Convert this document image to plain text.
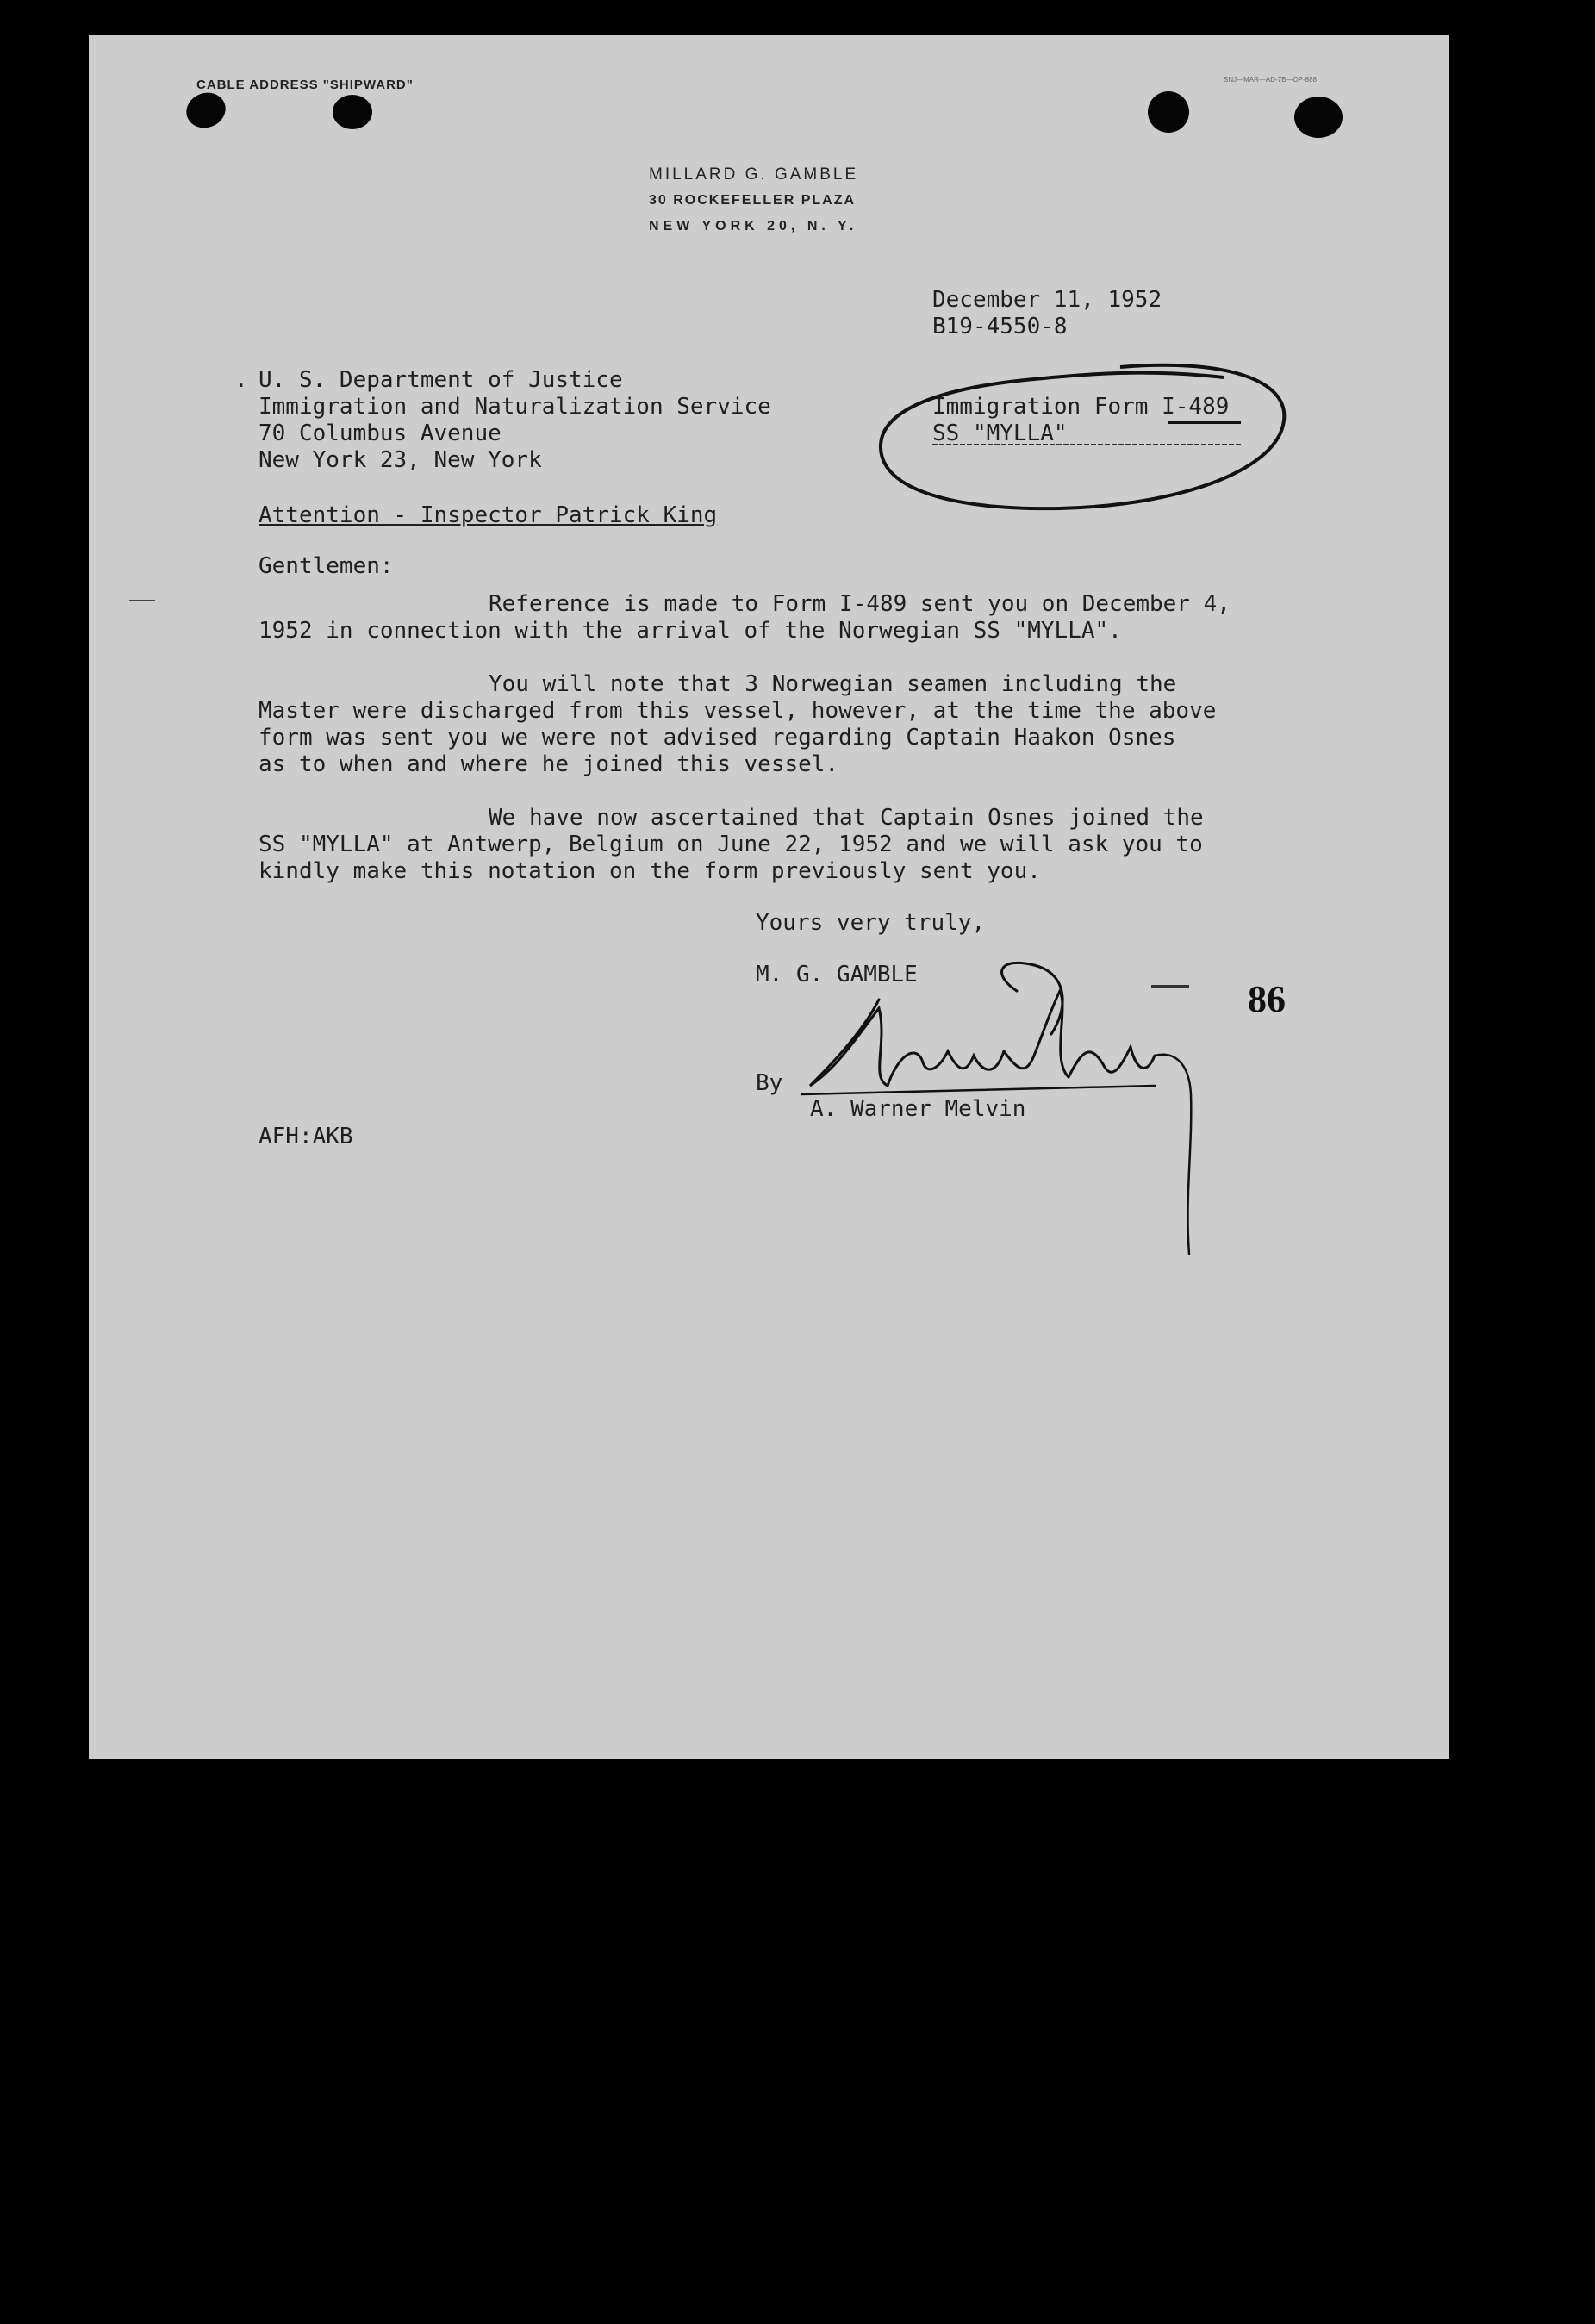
CABLE ADDRESS "SHIPWARD"	SNJ—MAR—AD-7B—OP-888
MILLARD G. GAMBLE
30 ROCKEFELLER PLAZA
NEW YORK 20, N. Y.
December 11, 1952
B19-4550-8
. U. S. Department of Justice
Immigration and Naturalization Service
70 Columbus Avenue
New York 23, New York
Immigration Form I-489
SS "MYLLA"
Attention - Inspector Patrick King
Gentlemen:
Reference is made to Form I-489 sent you on December 4,
1952 in connection with the arrival of the Norwegian SS "MYLLA".
You will note that 3 Norwegian seamen including the
Master were discharged from this vessel, however, at the time the above
form was sent you we were not advised regarding Captain Haakon Osnes
as to when and where he joined this vessel.
We have now ascertained that Captain Osnes joined the
SS "MYLLA" at Antwerp, Belgium on June 22, 1952 and we will ask you to
kindly make this notation on the form previously sent you.
Yours very truly,
M. G. GAMBLE
86
By
A. Warner Melvin
AFH:AKB
